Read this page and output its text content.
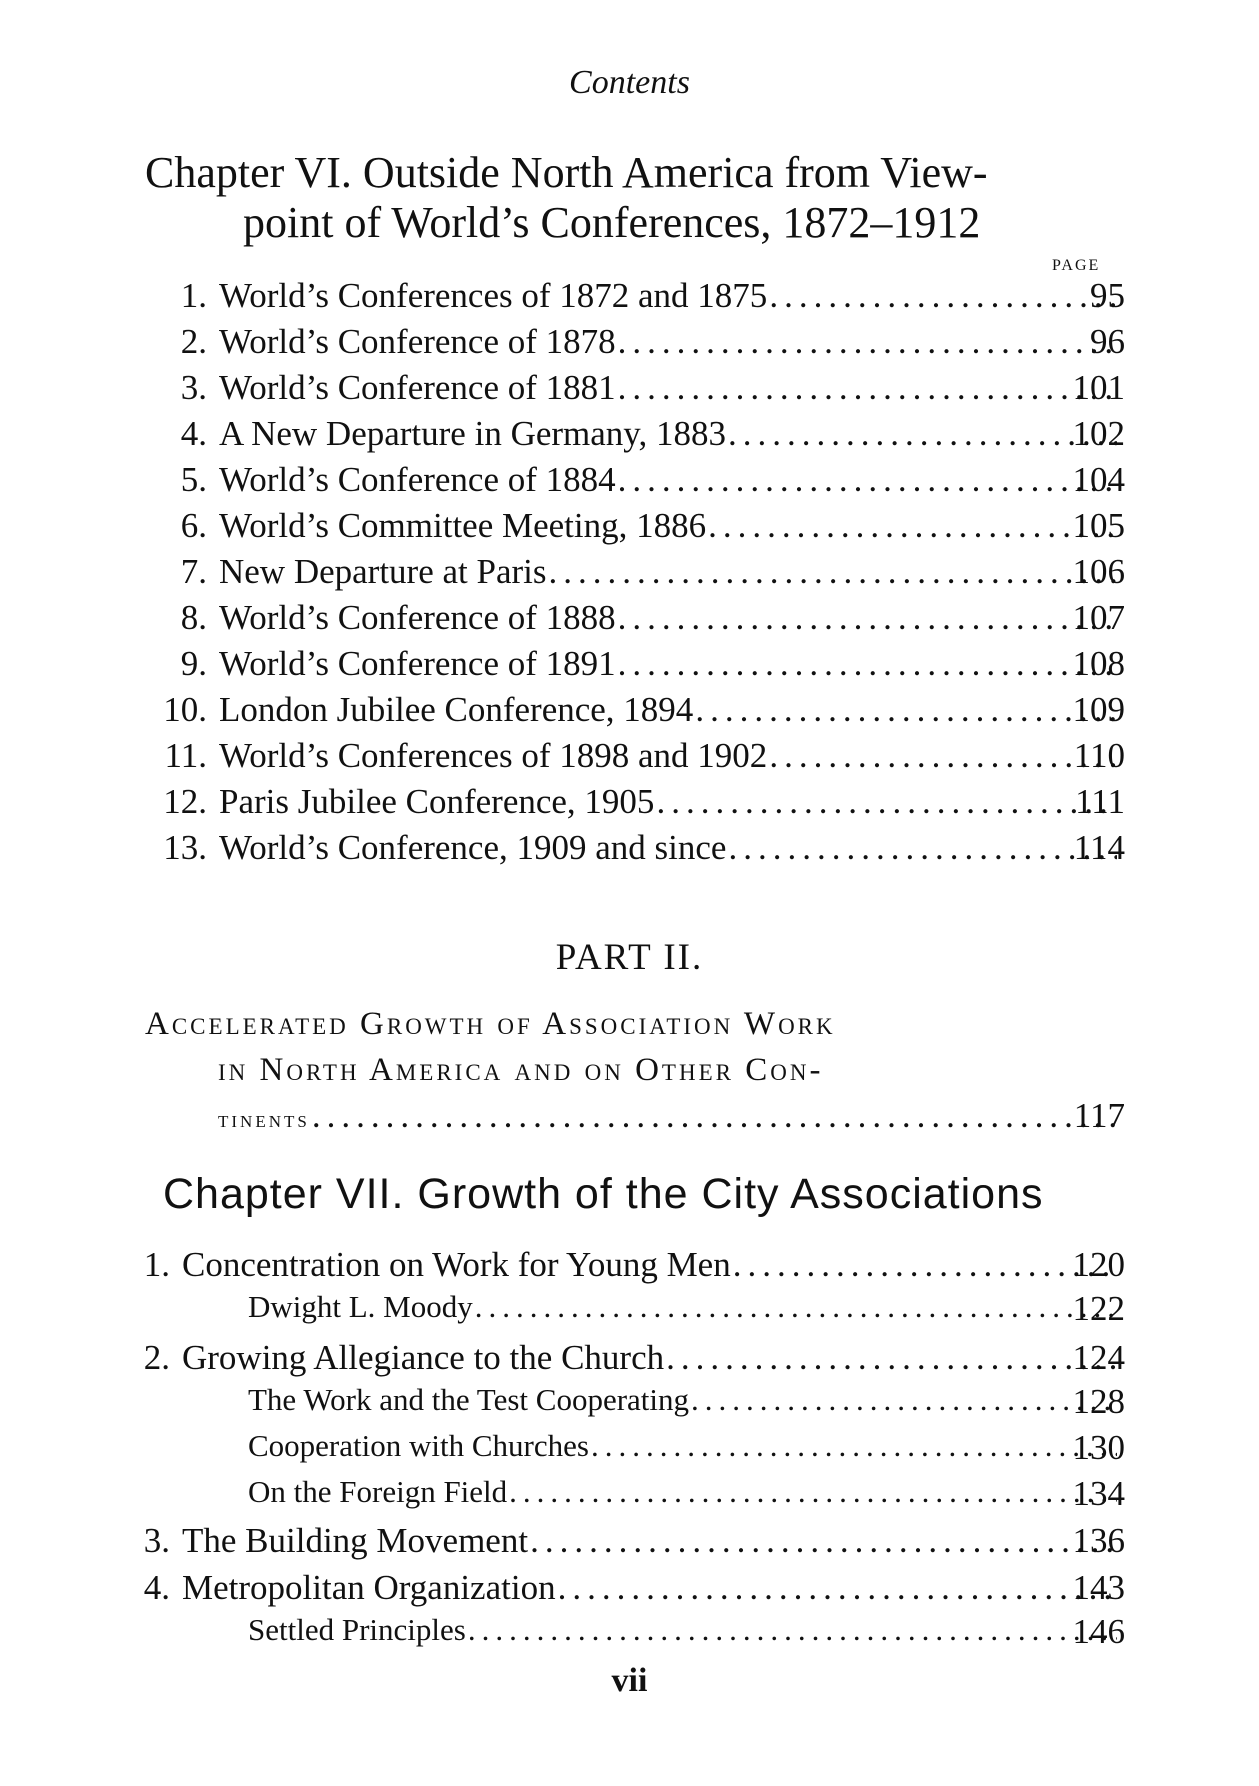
Contents
Chapter VI. Outside North America from View-
point of World’s Conferences, 1872–1912
PAGE
1. World’s Conferences of 1872 and 1875 .....	95
2. World’s Conference of 1878 .....	96
3. World’s Conference of 1881 .....	101
4. A New Departure in Germany, 1883 .....	102
5. World’s Conference of 1884 .....	104
6. World’s Committee Meeting, 1886 .....	105
7. New Departure at Paris .....	106
8. World’s Conference of 1888 .....	107
9. World’s Conference of 1891 .....	108
10. London Jubilee Conference, 1894 .....	109
11. World’s Conferences of 1898 and 1902 .....	110
12. Paris Jubilee Conference, 1905 .....	111
13. World’s Conference, 1909 and since .....	114
PART II.
Accelerated Growth of Association Work
in North America and on Other Con-
tinents .....	117
Chapter VII. Growth of the City Associations
1. Concentration on Work for Young Men .....	120
Dwight L. Moody .....	122
2. Growing Allegiance to the Church .....	124
The Work and the Test Cooperating .....	128
Cooperation with Churches .....	130
On the Foreign Field .....	134
3. The Building Movement .....	136
4. Metropolitan Organization .....	143
Settled Principles .....	146
vii
